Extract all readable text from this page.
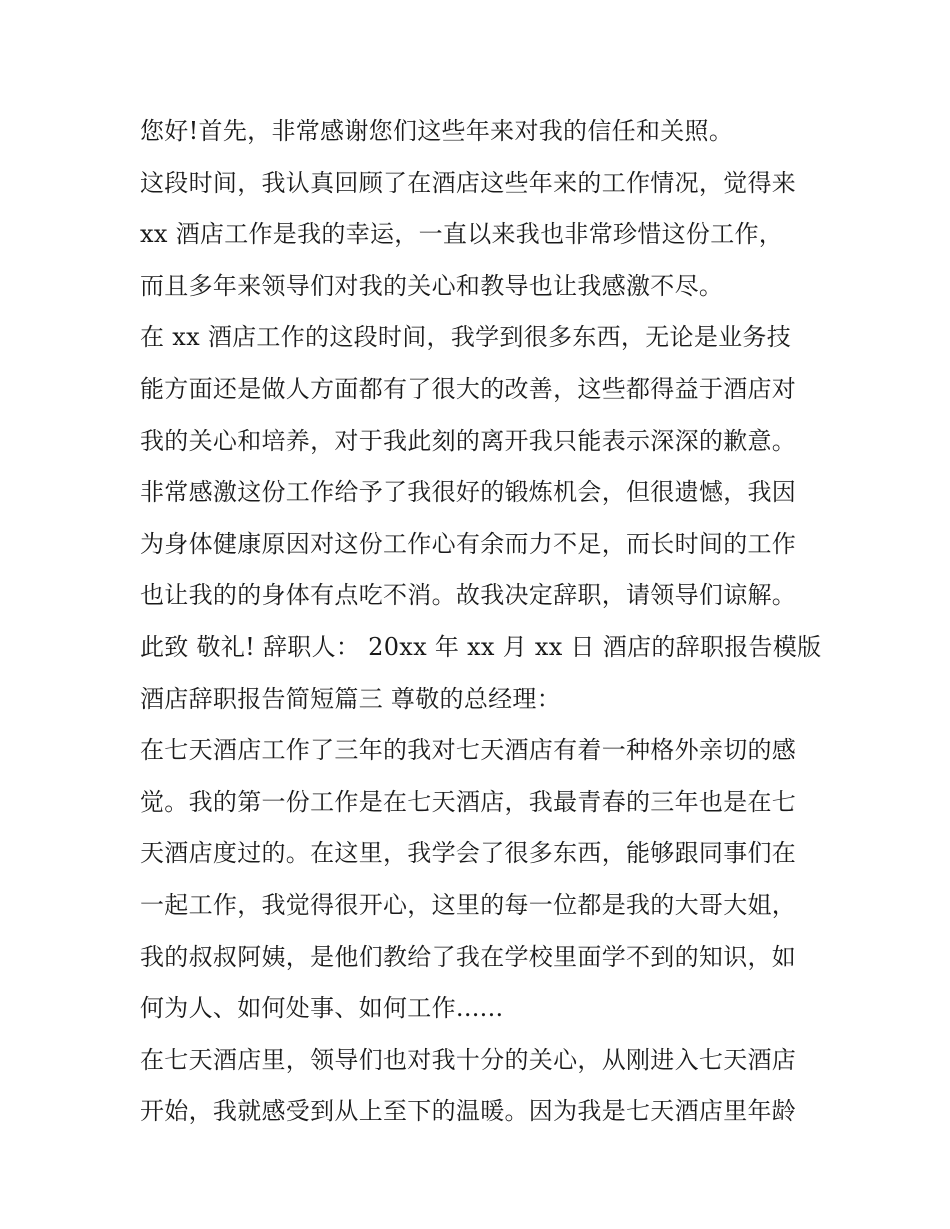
您好!首先，非常感谢您们这些年来对我的信任和关照。
这段时间，我认真回顾了在酒店这些年来的工作情况，觉得来
xx 酒店工作是我的幸运，一直以来我也非常珍惜这份工作，
而且多年来领导们对我的关心和教导也让我感激不尽。
在 xx 酒店工作的这段时间，我学到很多东西，无论是业务技
能方面还是做人方面都有了很大的改善，这些都得益于酒店对
我的关心和培养，对于我此刻的离开我只能表示深深的歉意。
非常感激这份工作给予了我很好的锻炼机会，但很遗憾，我因
为身体健康原因对这份工作心有余而力不足，而长时间的工作
也让我的的身体有点吃不消。故我决定辞职，请领导们谅解。
此致 敬礼! 辞职人： 20xx 年 xx 月 xx 日 酒店的辞职报告模版
酒店辞职报告简短篇三 尊敬的总经理：
在七天酒店工作了三年的我对七天酒店有着一种格外亲切的感
觉。我的第一份工作是在七天酒店，我最青春的三年也是在七
天酒店度过的。在这里，我学会了很多东西，能够跟同事们在
一起工作，我觉得很开心，这里的每一位都是我的大哥大姐，
我的叔叔阿姨，是他们教给了我在学校里面学不到的知识，如
何为人、如何处事、如何工作......
在七天酒店里，领导们也对我十分的关心，从刚进入七天酒店
开始，我就感受到从上至下的温暖。因为我是七天酒店里年龄
